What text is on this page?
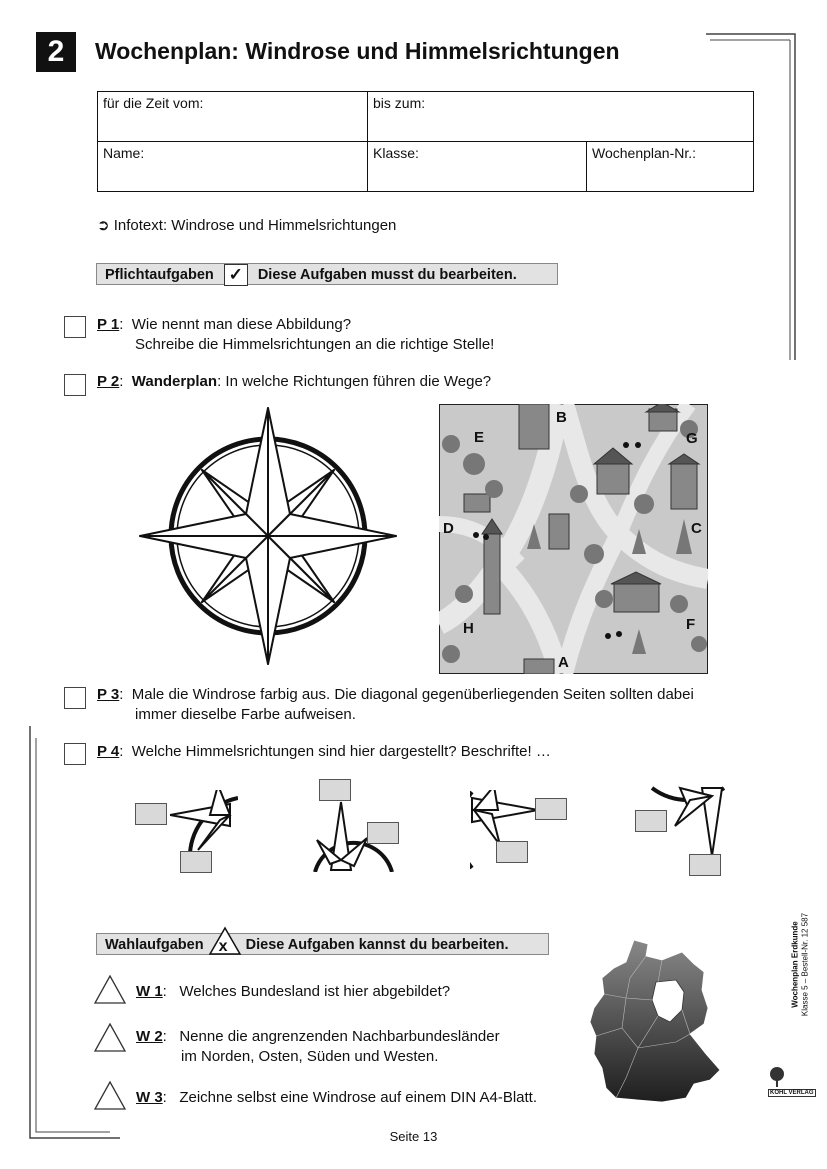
2	Wochenplan: Windrose und Himmelsrichtungen
für die Zeit vom:	bis zum:	
Name:	Klasse:	Wochenplan-Nr.:
➲ Infotext: Windrose und Himmelsrichtungen
Pflichtaufgaben ✓ Diese Aufgaben musst du bearbeiten.
P 1:  Wie nennt man diese Abbildung?
Schreibe die Himmelsrichtungen an die richtige Stelle!
P 2:  Wanderplan: In welche Richtungen führen die Wege?
A
B
C
D
E
F
G
H
P 3:  Male die Windrose farbig aus. Die diagonal gegenüberliegenden Seiten sollten dabei
immer dieselbe Farbe aufweisen.
P 4:  Welche Himmelsrichtungen sind hier dargestellt? Beschrifte! …
Wahlaufgaben x Diese Aufgaben kannst du bearbeiten.
W 1:   Welches Bundesland ist hier abgebildet?
W 2:   Nenne die angrenzenden Nachbarbundesländer
im Norden, Osten, Süden und Westen.
W 3:   Zeichne selbst eine Windrose auf einem DIN A4-Blatt.
Wochenplan Erdkunde Klasse 5 – Bestell-Nr. 12 587
KOHL VERLAG
Seite 13
